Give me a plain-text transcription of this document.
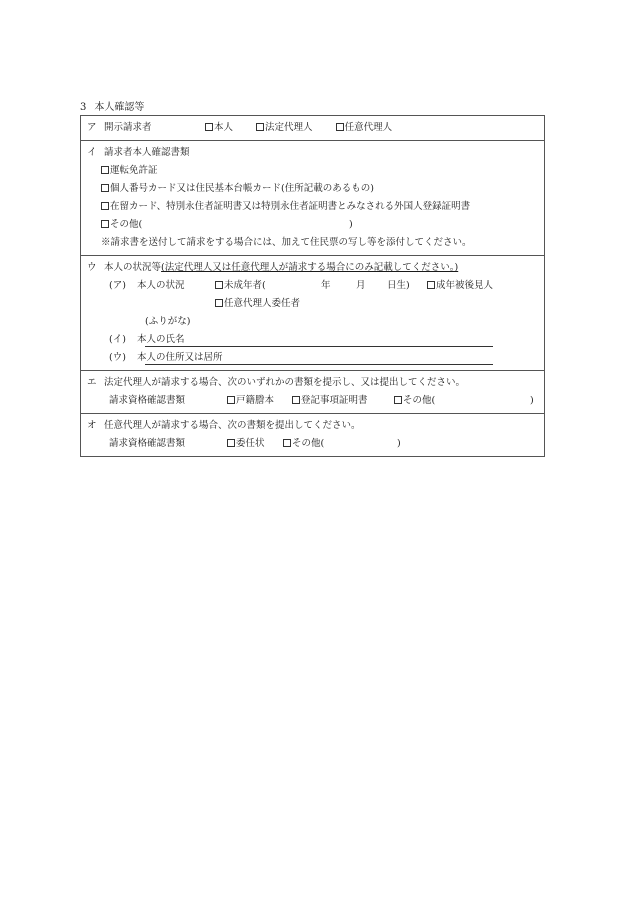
3 本人確認等
ア 開示請求者	本人	法定代理人	任意代理人
イ 請求者本人確認書類
運転免許証
個人番号カード又は住民基本台帳カード(住所記載のあるもの)
在留カード、特別永住者証明書又は特別永住者証明書とみなされる外国人登録証明書
その他(	)
※請求書を送付して請求をする場合には、加えて住民票の写し等を添付してください。
ウ 本人の状況等(法定代理人又は任意代理人が請求する場合にのみ記載してください。)
(ア) 本人の状況	未成年者(	年	月 日生)	成年被後見人
任意代理人委任者
(ふりがな)
(イ) 本人の氏名
(ウ) 本人の住所又は居所
エ 法定代理人が請求する場合、次のいずれかの書類を提示し、又は提出してください。
請求資格確認書類	戸籍謄本	登記事項証明書	その他(	)
オ 任意代理人が請求する場合、次の書類を提出してください。
請求資格確認書類	委任状	その他(	)
